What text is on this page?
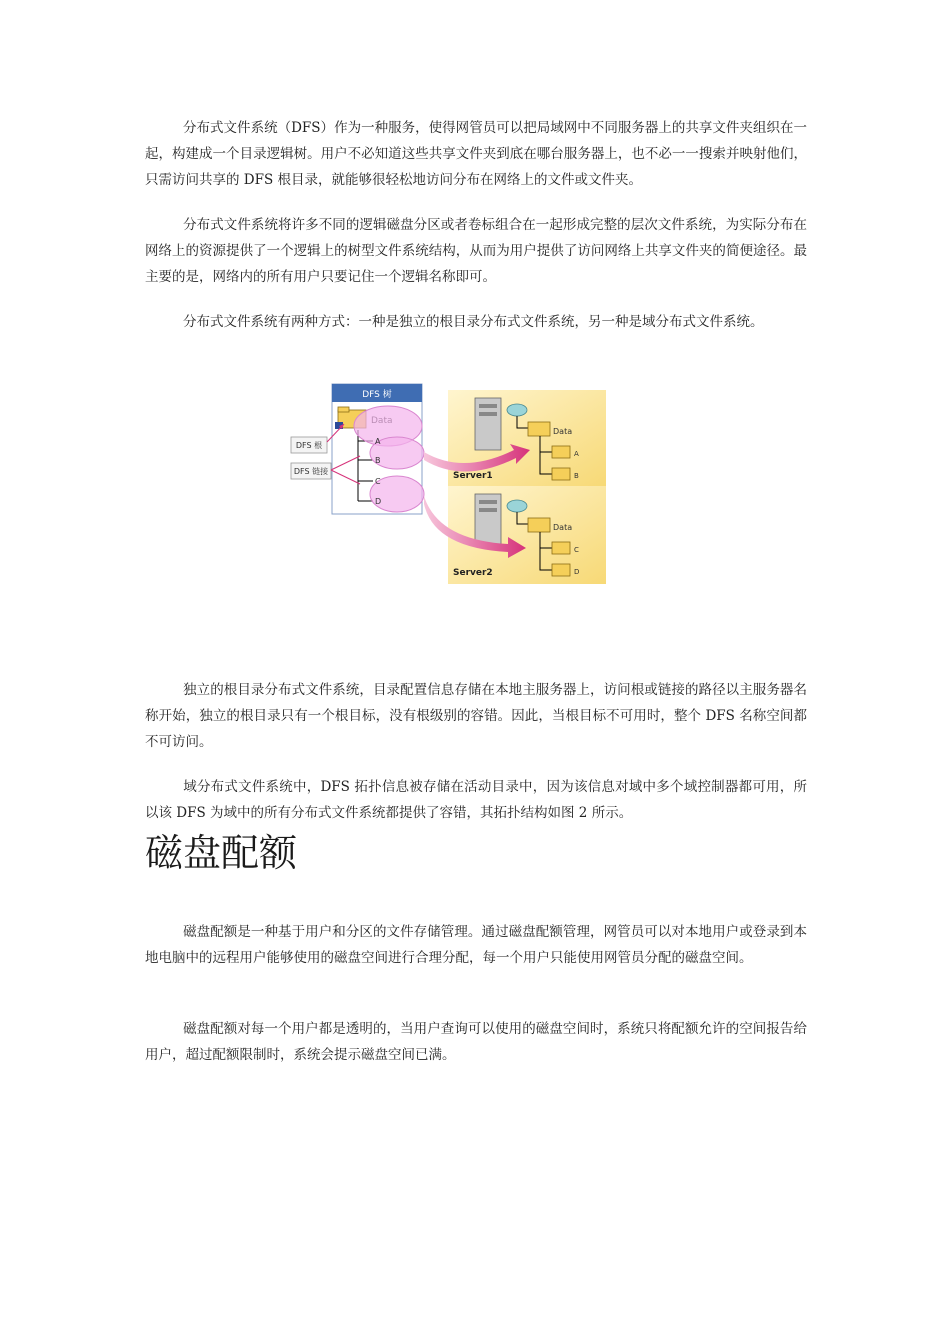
分布式文件系统（DFS）作为一种服务，使得网管员可以把局域网中不同服务器上的共享文件夹组织在一起，构建成一个目录逻辑树。用户不必知道这些共享文件夹到底在哪台服务器上，也不必一一搜索并映射他们，只需访问共享的 DFS 根目录，就能够很轻松地访问分布在网络上的文件或文件夹。

分布式文件系统将许多不同的逻辑磁盘分区或者卷标组合在一起形成完整的层次文件系统，为实际分布在网络上的资源提供了一个逻辑上的树型文件系统结构，从而为用户提供了访问网络上共享文件夹的简便途径。最主要的是，网络内的所有用户只要记住一个逻辑名称即可。

分布式文件系统有两种方式：一种是独立的根目录分布式文件系统，另一种是域分布式文件系统。

DFS 树
A
B
C
D
DFS 根
DFS 链接
Data
A
B
Server1
Data
C
D
Server2

独立的根目录分布式文件系统，目录配置信息存储在本地主服务器上，访问根或链接的路径以主服务器名称开始，独立的根目录只有一个根目标，没有根级别的容错。因此，当根目标不可用时，整个 DFS 名称空间都不可访问。

域分布式文件系统中，DFS 拓扑信息被存储在活动目录中，因为该信息对域中多个域控制器都可用，所以该 DFS 为域中的所有分布式文件系统都提供了容错，其拓扑结构如图 2 所示。

磁盘配额

磁盘配额是一种基于用户和分区的文件存储管理。通过磁盘配额管理，网管员可以对本地用户或登录到本地电脑中的远程用户能够使用的磁盘空间进行合理分配，每一个用户只能使用网管员分配的磁盘空间。

磁盘配额对每一个用户都是透明的，当用户查询可以使用的磁盘空间时，系统只将配额允许的空间报告给用户，超过配额限制时，系统会提示磁盘空间已满。
